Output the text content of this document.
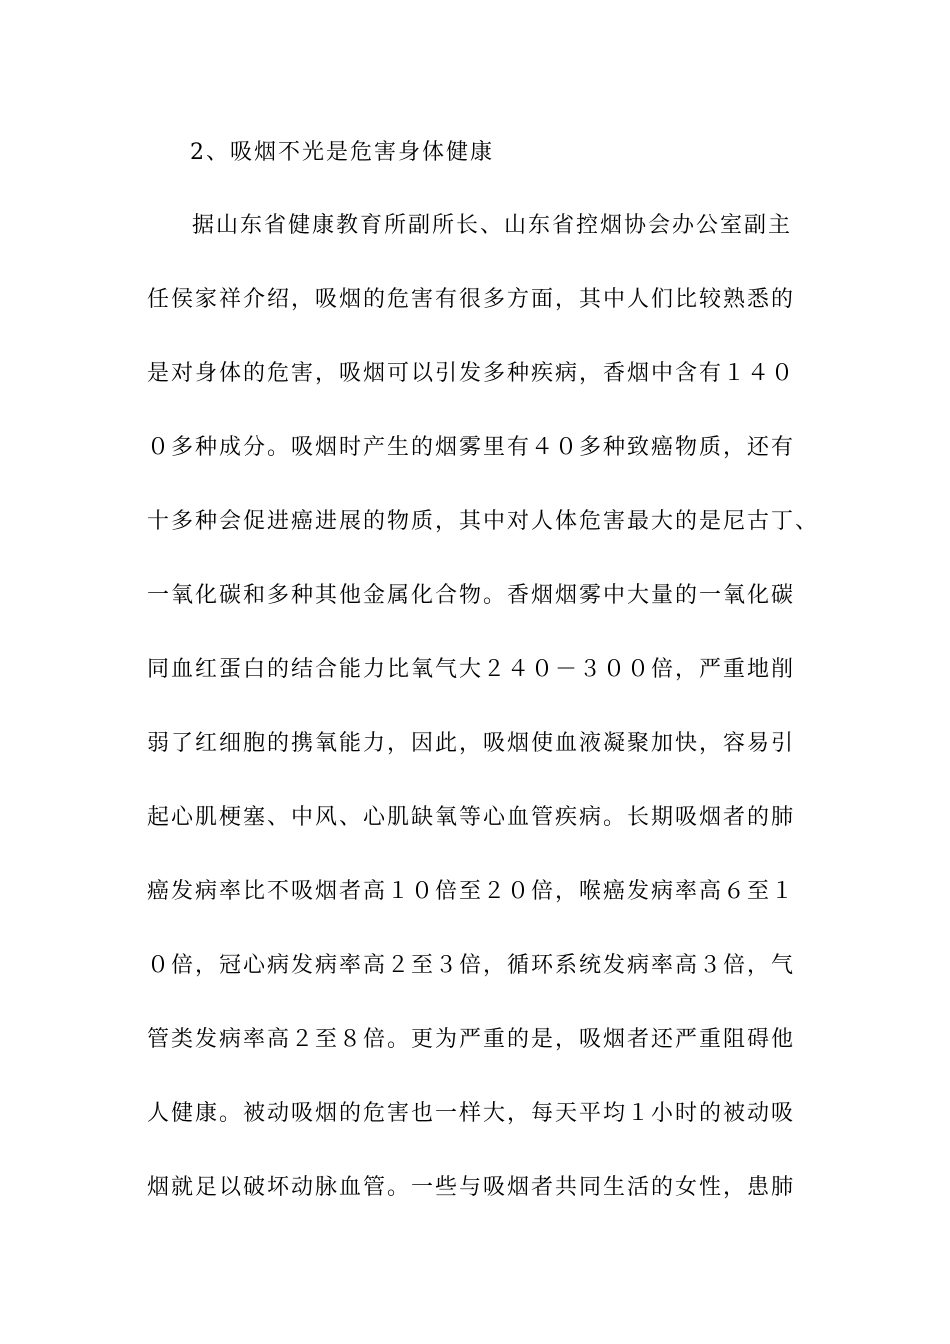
2、吸烟不光是危害身体健康
据山东省健康教育所副所长、山东省控烟协会办公室副主
任侯家祥介绍，吸烟的危害有很多方面，其中人们比较熟悉的
是对身体的危害，吸烟可以引发多种疾病，香烟中含有１４０
０多种成分。吸烟时产生的烟雾里有４０多种致癌物质，还有
十多种会促进癌进展的物质，其中对人体危害最大的是尼古丁、
一氧化碳和多种其他金属化合物。香烟烟雾中大量的一氧化碳
同血红蛋白的结合能力比氧气大２４０－３００倍，严重地削
弱了红细胞的携氧能力，因此，吸烟使血液凝聚加快，容易引
起心肌梗塞、中风、心肌缺氧等心血管疾病。长期吸烟者的肺
癌发病率比不吸烟者高１０倍至２０倍，喉癌发病率高６至１
０倍，冠心病发病率高２至３倍，循环系统发病率高３倍，气
管类发病率高２至８倍。更为严重的是，吸烟者还严重阻碍他
人健康。被动吸烟的危害也一样大，每天平均１小时的被动吸
烟就足以破坏动脉血管。一些与吸烟者共同生活的女性，患肺
